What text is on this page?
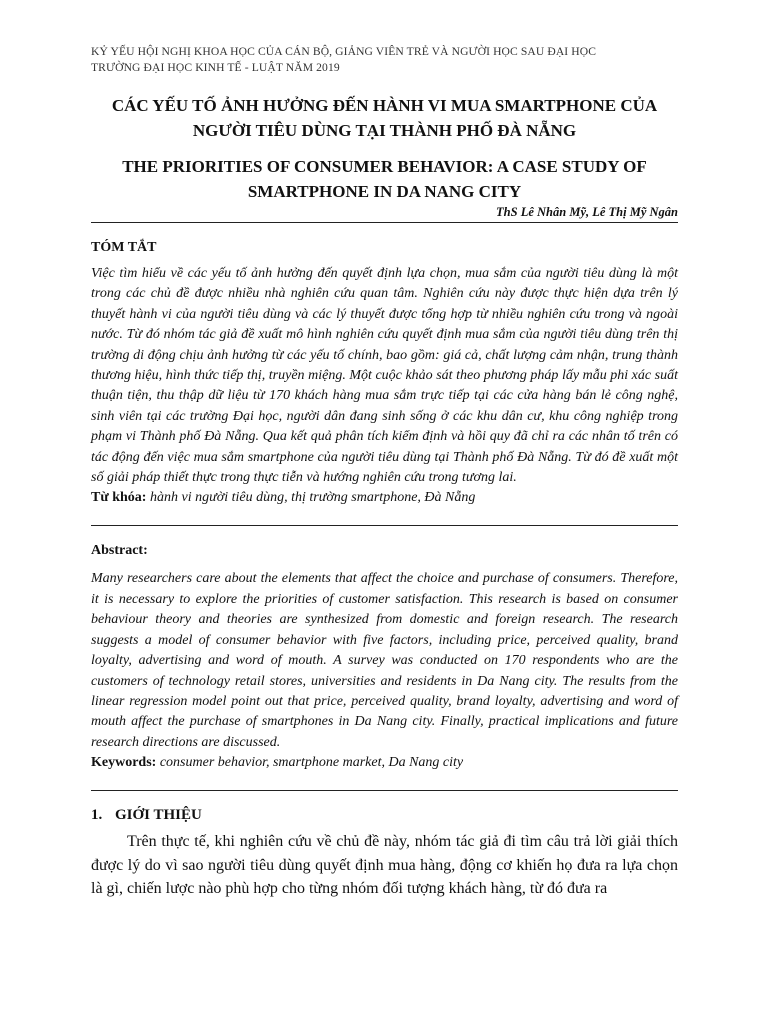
KỶ YẾU HỘI NGHỊ KHOA HỌC CỦA CÁN BỘ, GIẢNG VIÊN TRẺ VÀ NGƯỜI HỌC SAU ĐẠI HỌC
TRƯỜNG ĐẠI HỌC KINH TẾ - LUẬT NĂM 2019
CÁC YẾU TỐ ẢNH HƯỞNG ĐẾN HÀNH VI MUA SMARTPHONE CỦA
NGƯỜI TIÊU DÙNG TẠI THÀNH PHỐ ĐÀ NẴNG
THE PRIORITIES OF CONSUMER BEHAVIOR: A CASE STUDY OF
SMARTPHONE IN DA NANG CITY
ThS Lê Nhân Mỹ, Lê Thị Mỹ Ngân
TÓM TẮT
Việc tìm hiểu về các yếu tố ảnh hưởng đến quyết định lựa chọn, mua sắm của người tiêu dùng là một trong các chủ đề được nhiều nhà nghiên cứu quan tâm. Nghiên cứu này được thực hiện dựa trên lý thuyết hành vi của người tiêu dùng và các lý thuyết được tổng hợp từ nhiều nghiên cứu trong và ngoài nước. Từ đó nhóm tác giả đề xuất mô hình nghiên cứu quyết định mua sắm của người tiêu dùng trên thị trường di động chịu ảnh hưởng từ các yếu tố chính, bao gồm: giá cả, chất lượng cảm nhận, trung thành thương hiệu, hình thức tiếp thị, truyền miệng. Một cuộc khảo sát theo phương pháp lấy mẫu phi xác suất thuận tiện, thu thập dữ liệu từ 170 khách hàng mua sắm trực tiếp tại các cửa hàng bán lẻ công nghệ, sinh viên tại các trường Đại học, người dân đang sinh sống ở các khu dân cư, khu công nghiệp trong phạm vi Thành phố Đà Nẵng. Qua kết quả phân tích kiểm định và hồi quy đã chỉ ra các nhân tố trên có tác động đến việc mua sắm smartphone của người tiêu dùng tại Thành phố Đà Nẵng. Từ đó đề xuất một số giải pháp thiết thực trong thực tiễn và hướng nghiên cứu trong tương lai.
Từ khóa: hành vi người tiêu dùng, thị trường smartphone, Đà Nẵng
Abstract:
Many researchers care about the elements that affect the choice and purchase of consumers. Therefore, it is necessary to explore the priorities of customer satisfaction. This research is based on consumer behaviour theory and theories are synthesized from domestic and foreign research. The research suggests a model of consumer behavior with five factors, including price, perceived quality, brand loyalty, advertising and word of mouth. A survey was conducted on 170 respondents who are the customers of technology retail stores, universities and residents in Da Nang city. The results from the linear regression model point out that price, perceived quality, brand loyalty, advertising and word of mouth affect the purchase of smartphones in Da Nang city. Finally, practical implications and future research directions are discussed.
Keywords: consumer behavior, smartphone market, Da Nang city
1. GIỚI THIỆU
Trên thực tế, khi nghiên cứu về chủ đề này, nhóm tác giả đi tìm câu trả lời giải thích được lý do vì sao người tiêu dùng quyết định mua hàng, động cơ khiến họ đưa ra lựa chọn là gì, chiến lược nào phù hợp cho từng nhóm đối tượng khách hàng, từ đó đưa ra
